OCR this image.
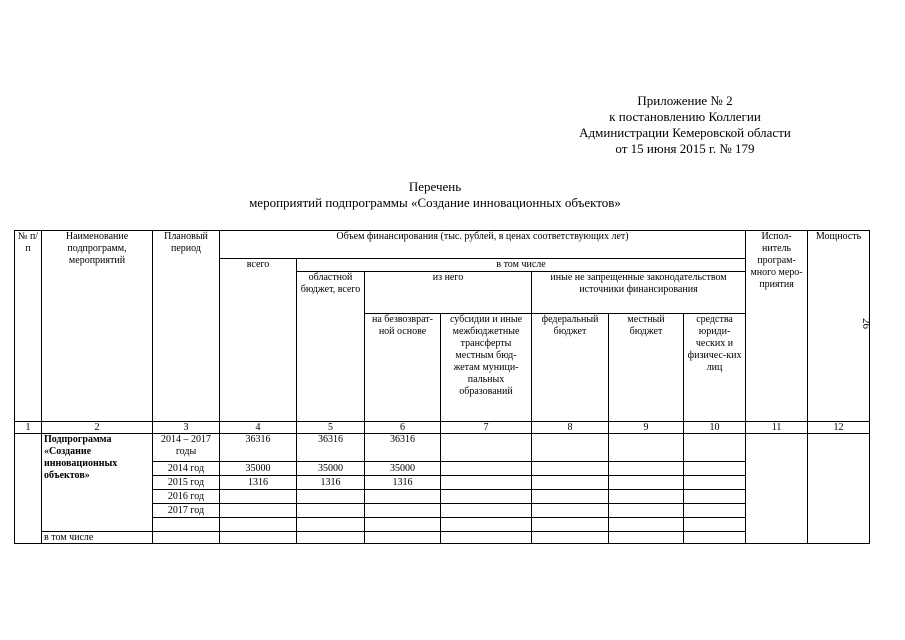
Приложение № 2
к постановлению Коллегии
Администрации Кемеровской области
от 15 июня 2015 г. № 179
Перечень
мероприятий подпрограммы «Создание инновационных объектов»
26
№ п/п	Наименование подпрограмм, мероприятий	Плановый период	Объем финансирования (тыс. рублей, в ценах соответствующих лет)							Испол-нитель програм-много меро-приятия	Мощность
			всего	в том числе							
				областной бюджет, всего	из него		иные не запрещенные законодательством источники финансирования				
					на безвозврат-ной основе	субсидии и иные межбюджетные трансферты местным бюд-жетам муници-пальных образований	федеральный бюджет	местный бюджет	средства юриди-ческих и физичес-ких лиц		
1	2	3	4	5	6	7	8	9	10	11	12
	Подпрограмма «Создание инновационных объектов»	2014 – 2017 годы	36316	36316	36316						
		2014 год	35000	35000	35000						
		2015 год	1316	1316	1316						
		2016 год									
		2017 год									

	в том числе										
